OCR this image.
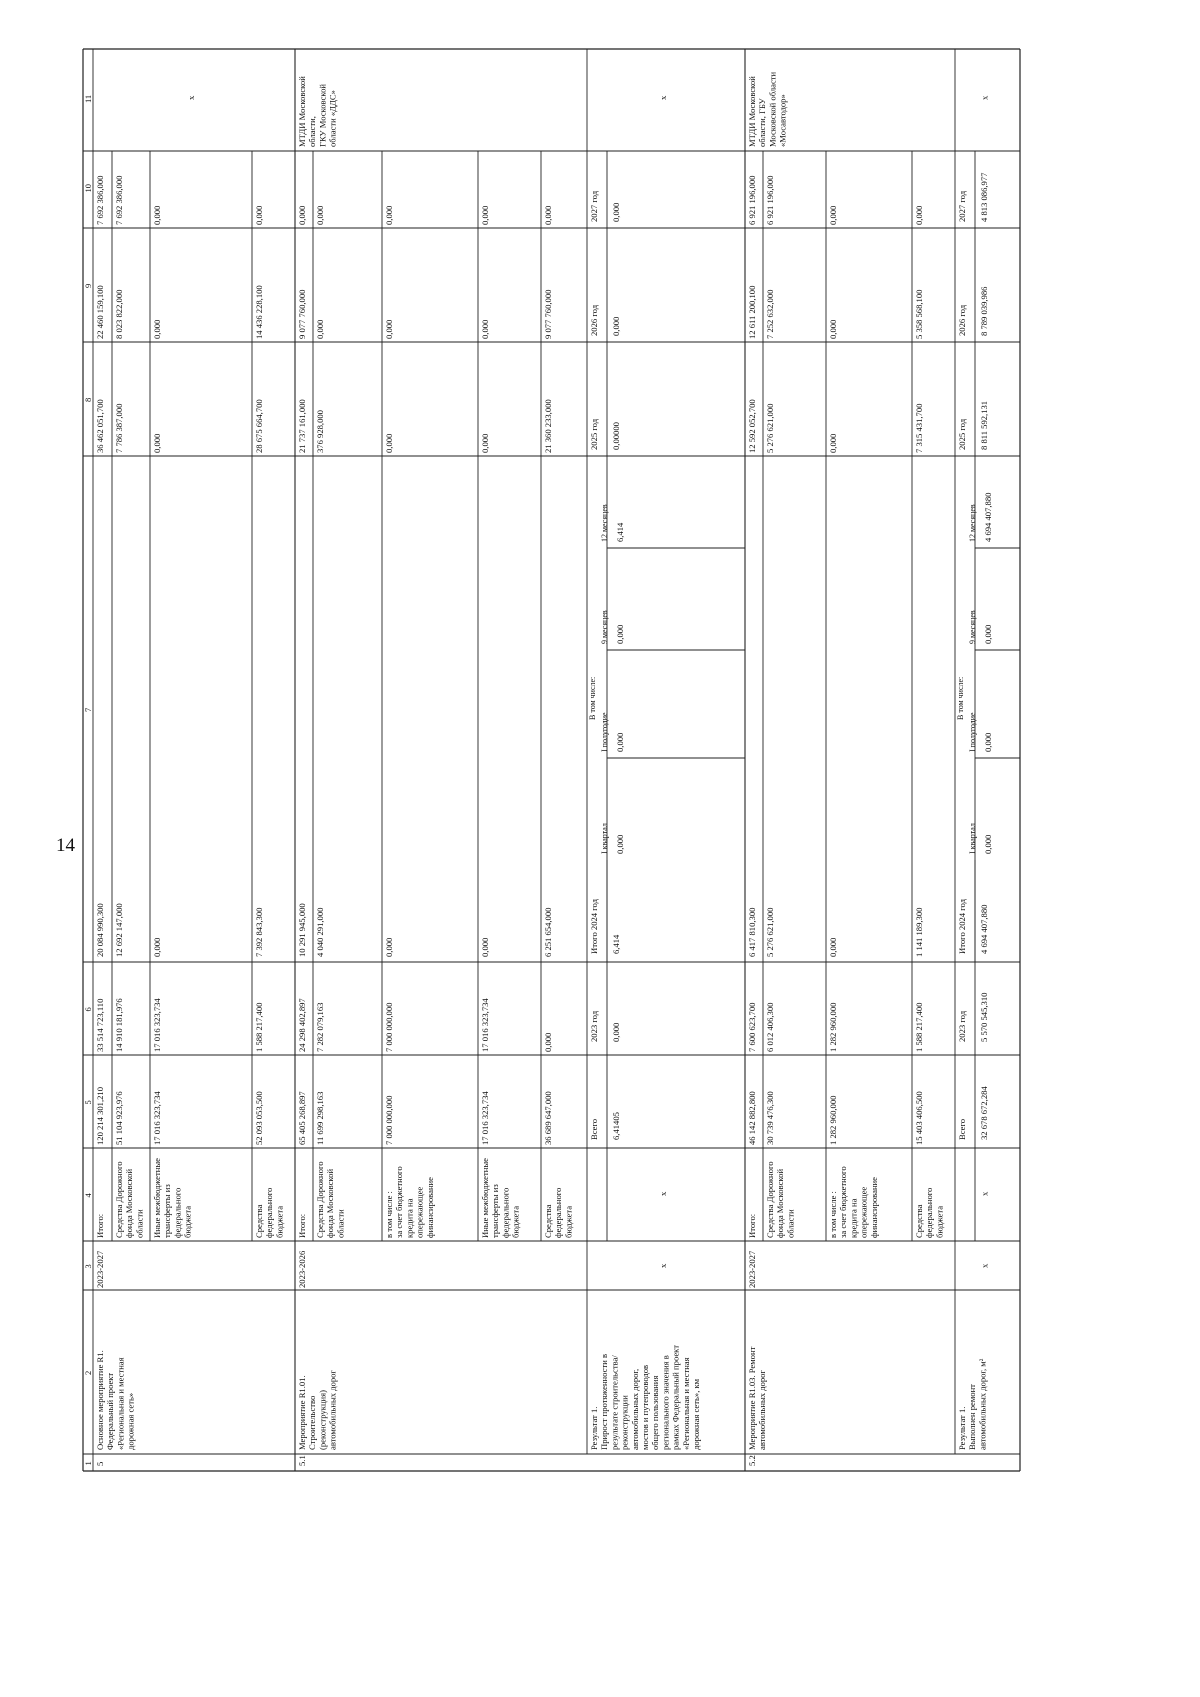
14
1
2
3
4
5
6
7
8
9
10
11
5
Основное мероприятие R1.Федеральный проект«Региональная и местнаядорожная сеть»
2023-2027
Итого:
120 214 301,210
33 514 723,110
20 084 990,300
36 462 051,700
22 460 159,100
7 692 386,000
Средства Дорожногофонда Московскойобласти
51 104 923,976
14 910 181,976
12 692 147,000
7 786 387,000
8 023 822,000
7 692 386,000
Иные межбюджетныетрансферты изфедеральногобюджета
17 016 323,734
17 016 323,734
0,000
0,000
0,000
0,000
Средствафедеральногобюджета
52 093 053,500
1 588 217,400
7 392 843,300
28 675 664,700
14 436 228,100
0,000
х
5.1
Мероприятие R1.01.Строительство(реконструкция)автомобильных дорог
2023-2026
Итого:
65 405 268,897
24 298 402,897
10 291 945,000
21 737 161,000
9 077 760,000
0,000
Средства Дорожногофонда Московскойобласти
11 699 298,163
7 282 079,163
4 040 291,000
376 928,000
0,000
0,000
в том числе :за счет бюджетногокредита наопережающеефинансирование
7 000 000,000
7 000 000,000
0,000
0,000
0,000
0,000
Иные межбюджетныетрансферты изфедеральногобюджета
17 016 323,734
17 016 323,734
0,000
0,000
0,000
0,000
Средствафедеральногобюджета
36 689 647,000
0,000
6 251 654,000
21 360 233,000
9 077 760,000
0,000
МТДИ Московскойобласти,ГКУ Московскойобласти «ДДС»
5.2
Мероприятие R1.03. Ремонтавтомобильных дорог
2023-2027
Итого:
46 142 882,800
7 600 623,700
6 417 810,300
12 592 052,700
12 611 200,100
6 921 196,000
Средства Дорожногофонда Московскойобласти
30 739 476,300
6 012 406,300
5 276 621,000
5 276 621,000
7 252 632,000
6 921 196,000
в том числе :за счет бюджетногокредита наопережающеефинансирование
1 282 960,000
1 282 960,000
0,000
0,000
0,000
0,000
Средствафедеральногобюджета
15 403 406,500
1 588 217,400
1 141 189,300
7 315 431,700
5 358 568,100
0,000
МТДИ Московскойобласти, ГБУМосковской области«Мосавтодор»
Результат 1.Прирост протяженности врезультате строительства/реконструкцииавтомобильных дорог,мостов и путепроводовобщего пользованиярегионального значения врамках Федеральный проект«Региональная и местнаядорожная сеть», км
х
х
х
Всего 6,41405
2023 год 0,000
Итого 2024 год 6,414
В том числе:
I квартал 0,000
I полугодие 0,000
9 месяцев 0,000
12 месяцев 6,414
2025 год 0,00000
2026 год 0,000
2027 год 0,000
Результат 1.Выполнен ремонтавтомобильных дорог, м²
х
х
х
Всего 32 678 672,284
2023 год 5 570 545,310
Итого 2024 год 4 694 407,880
В том числе:
I квартал 0,000
I полугодие 0,000
9 месяцев 0,000
12 месяцев 4 694 407,880
2025 год 8 811 592,131
2026 год 8 789 039,986
2027 год 4 813 086,977
